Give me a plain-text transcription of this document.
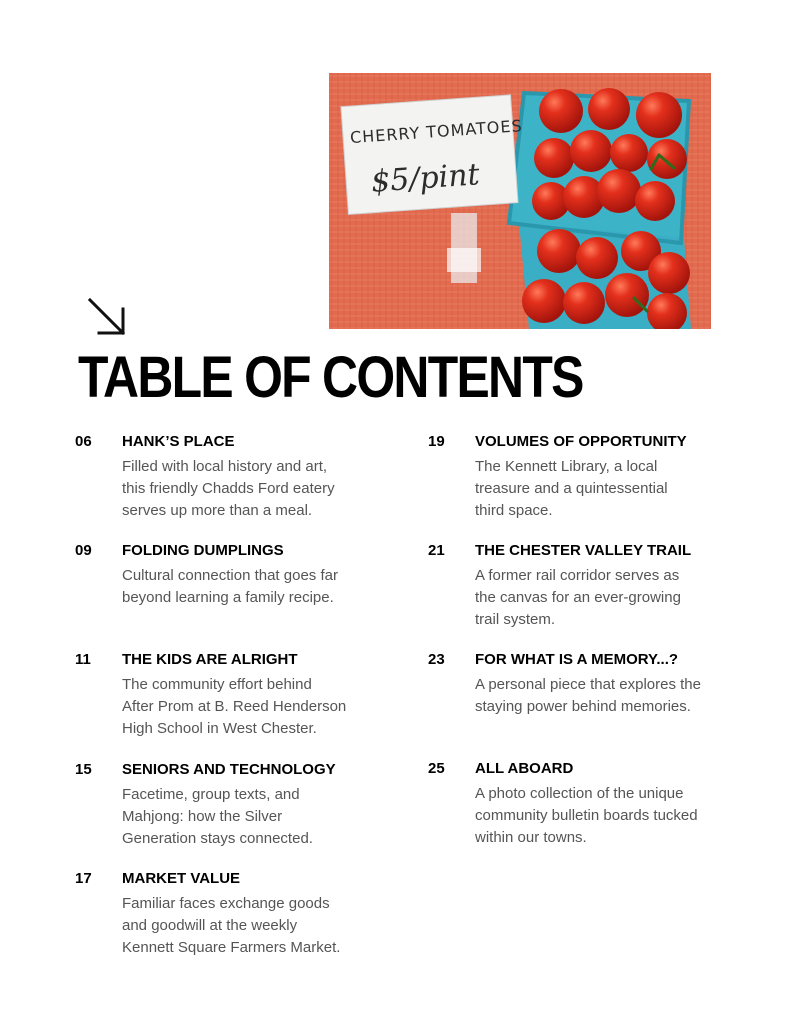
CHERRY TOMATOES
$5/pint
TABLE OF CONTENTS
06 HANK’S PLACE
Filled with local history and art,
this friendly Chadds Ford eatery
serves up more than a meal.
09 FOLDING DUMPLINGS
Cultural connection that goes far
beyond learning a family recipe.
11 THE KIDS ARE ALRIGHT
The community effort behind
After Prom at B. Reed Henderson
High School in West Chester.
15 SENIORS AND TECHNOLOGY
Facetime, group texts, and
Mahjong: how the Silver
Generation stays connected.
17 MARKET VALUE
Familiar faces exchange goods
and goodwill at the weekly
Kennett Square Farmers Market.
19 VOLUMES OF OPPORTUNITY
The Kennett Library, a local
treasure and a quintessential
third space.
21 THE CHESTER VALLEY TRAIL
A former rail corridor serves as
the canvas for an ever-growing
trail system.
23 FOR WHAT IS A MEMORY...?
A personal piece that explores the
staying power behind memories.
25 ALL ABOARD
A photo collection of the unique
community bulletin boards tucked
within our towns.
